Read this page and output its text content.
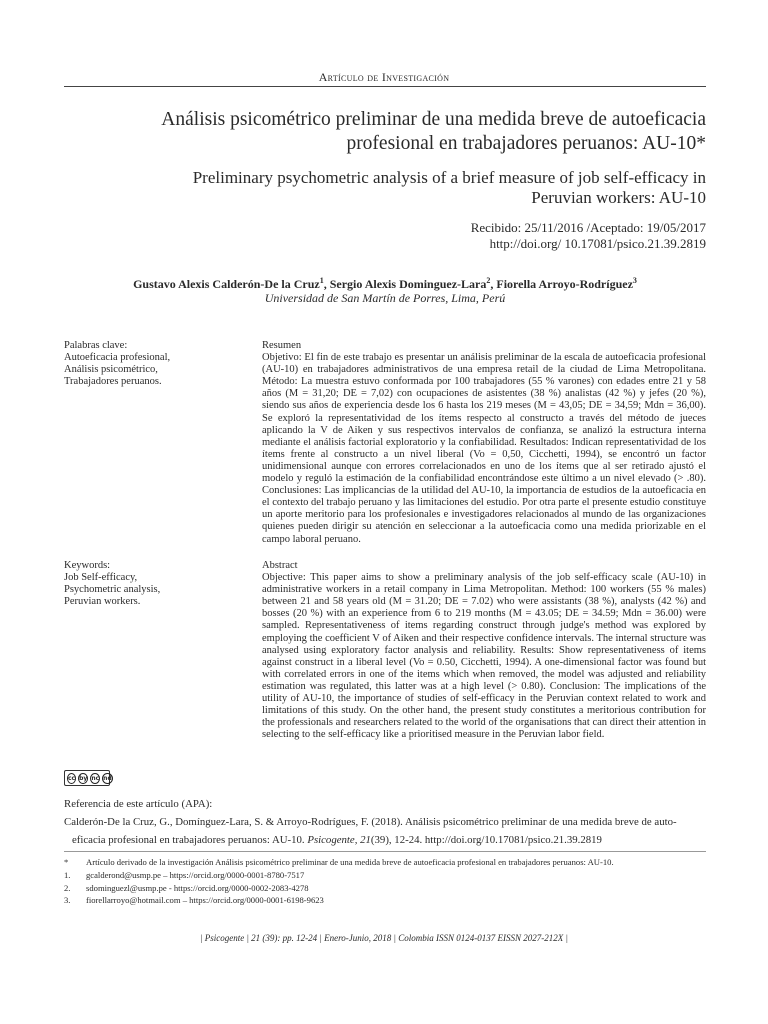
Artículo de Investigación
Análisis psicométrico preliminar de una medida breve de autoeficacia profesional en trabajadores peruanos: AU-10*
Preliminary psychometric analysis of a brief measure of job self-efficacy in Peruvian workers: AU-10
Recibido: 25/11/2016 /Aceptado: 19/05/2017
http://doi.org/ 10.17081/psico.21.39.2819
Gustavo Alexis Calderón-De la Cruz$^1$, Sergio Alexis Dominguez-Lara$^2$, Fiorella Arroyo-Rodríguez$^3$
Universidad de San Martín de Porres, Lima, Perú
Palabras clave:
Autoeficacia profesional,
Análisis psicométrico,
Trabajadores peruanos.
Resumen
Objetivo: El fin de este trabajo es presentar un análisis preliminar de la escala de autoeficacia profesional (AU-10) en trabajadores administrativos de una empresa retail de la ciudad de Lima Metropolitana. Método: La muestra estuvo conformada por 100 trabajadores (55 % varones) con edades entre 21 y 58 años (M = 31,20; DE = 7,02) con ocupaciones de asistentes (38 %) analistas (42 %) y jefes (20 %), siendo sus años de experiencia desde los 6 hasta los 219 meses (M = 43,05; DE = 34,59; Mdn = 36,00). Se exploró la representatividad de los ítems respecto al constructo a través del método de jueces aplicando la V de Aiken y sus respectivos intervalos de confianza, se analizó la estructura interna mediante el análisis factorial exploratorio y la confiabilidad. Resultados: Indican representatividad de los ítems frente al constructo a un nivel liberal (Vo = 0,50, Cicchetti, 1994), se encontró un factor unidimensional aunque con errores correlacionados en uno de los ítems que al ser retirado ajustó el modelo y reguló la estimación de la confiabilidad encontrándose este último a un nivel elevado (> .80). Conclusiones: Las implicancias de la utilidad del AU-10, la importancia de estudios de la autoeficacia en el contexto del trabajo peruano y las limitaciones del estudio. Por otra parte el presente estudio constituye un aporte meritorio para los profesionales e investigadores relacionados al mundo de las organizaciones quienes pueden dirigir su atención en seleccionar a la autoeficacia como una medida priorizable en el campo laboral peruano.
Keywords:
Job Self-efficacy,
Psychometric analysis,
Peruvian workers.
Abstract
Objective: This paper aims to show a preliminary analysis of the job self-efficacy scale (AU-10) in administrative workers in a retail company in Lima Metropolitan. Method: 100 workers (55 % males) between 21 and 58 years old (M = 31.20; DE = 7.02) who were assistants (38 %), analysts (42 %) and bosses (20 %) with an experience from 6 to 219 months (M = 43.05; DE = 34.59; Mdn = 36.00) were sampled. Representativeness of items regarding construct through judge's method was explored by employing the coefficient V of Aiken and their respective confidence intervals. The internal structure was analysed using exploratory factor analysis and reliability. Results: Show representativeness of items against construct in a liberal level (Vo = 0.50, Cicchetti, 1994). A one-dimensional factor was found but with correlated errors in one of the items which when removed, the model was adjusted and reliability estimation was regulated, this latter was at a high level (> 0.80). Conclusion: The implications of the utility of AU-10, the importance of studies of self-efficacy in the Peruvian context related to work and limitations of this study. On the other hand, the present study constitutes a meritorious contribution for the professionals and researchers related to the world of the organisations that can direct their attention in selecting to the self-efficacy like a prioritised measure in the Peruvian labor field.
cc by nc nd
Referencia de este artículo (APA):
Calderón-De la Cruz, G., Domínguez-Lara, S. & Arroyo-Rodrígues, F. (2018). Análisis psicométrico preliminar de una medida breve de auto-
eficacia profesional en trabajadores peruanos: AU-10. Psicogente, 21(39), 12-24. http://doi.org/10.17081/psico.21.39.2819
*	Artículo derivado de la investigación Análisis psicométrico preliminar de una medida breve de autoeficacia profesional en trabajadores peruanos: AU-10.
1.	gcalderond@usmp.pe – https://orcid.org/0000-0001-8780-7517
2.	sdominguezl@usmp.pe - https://orcid.org/0000-0002-2083-4278
3.	fiorellarroyo@hotmail.com – https://orcid.org/0000-0001-6198-9623
| Psicogente | 21 (39): pp. 12-24 | Enero-Junio, 2018 | Colombia ISSN 0124-0137 EISSN 2027-212X |
